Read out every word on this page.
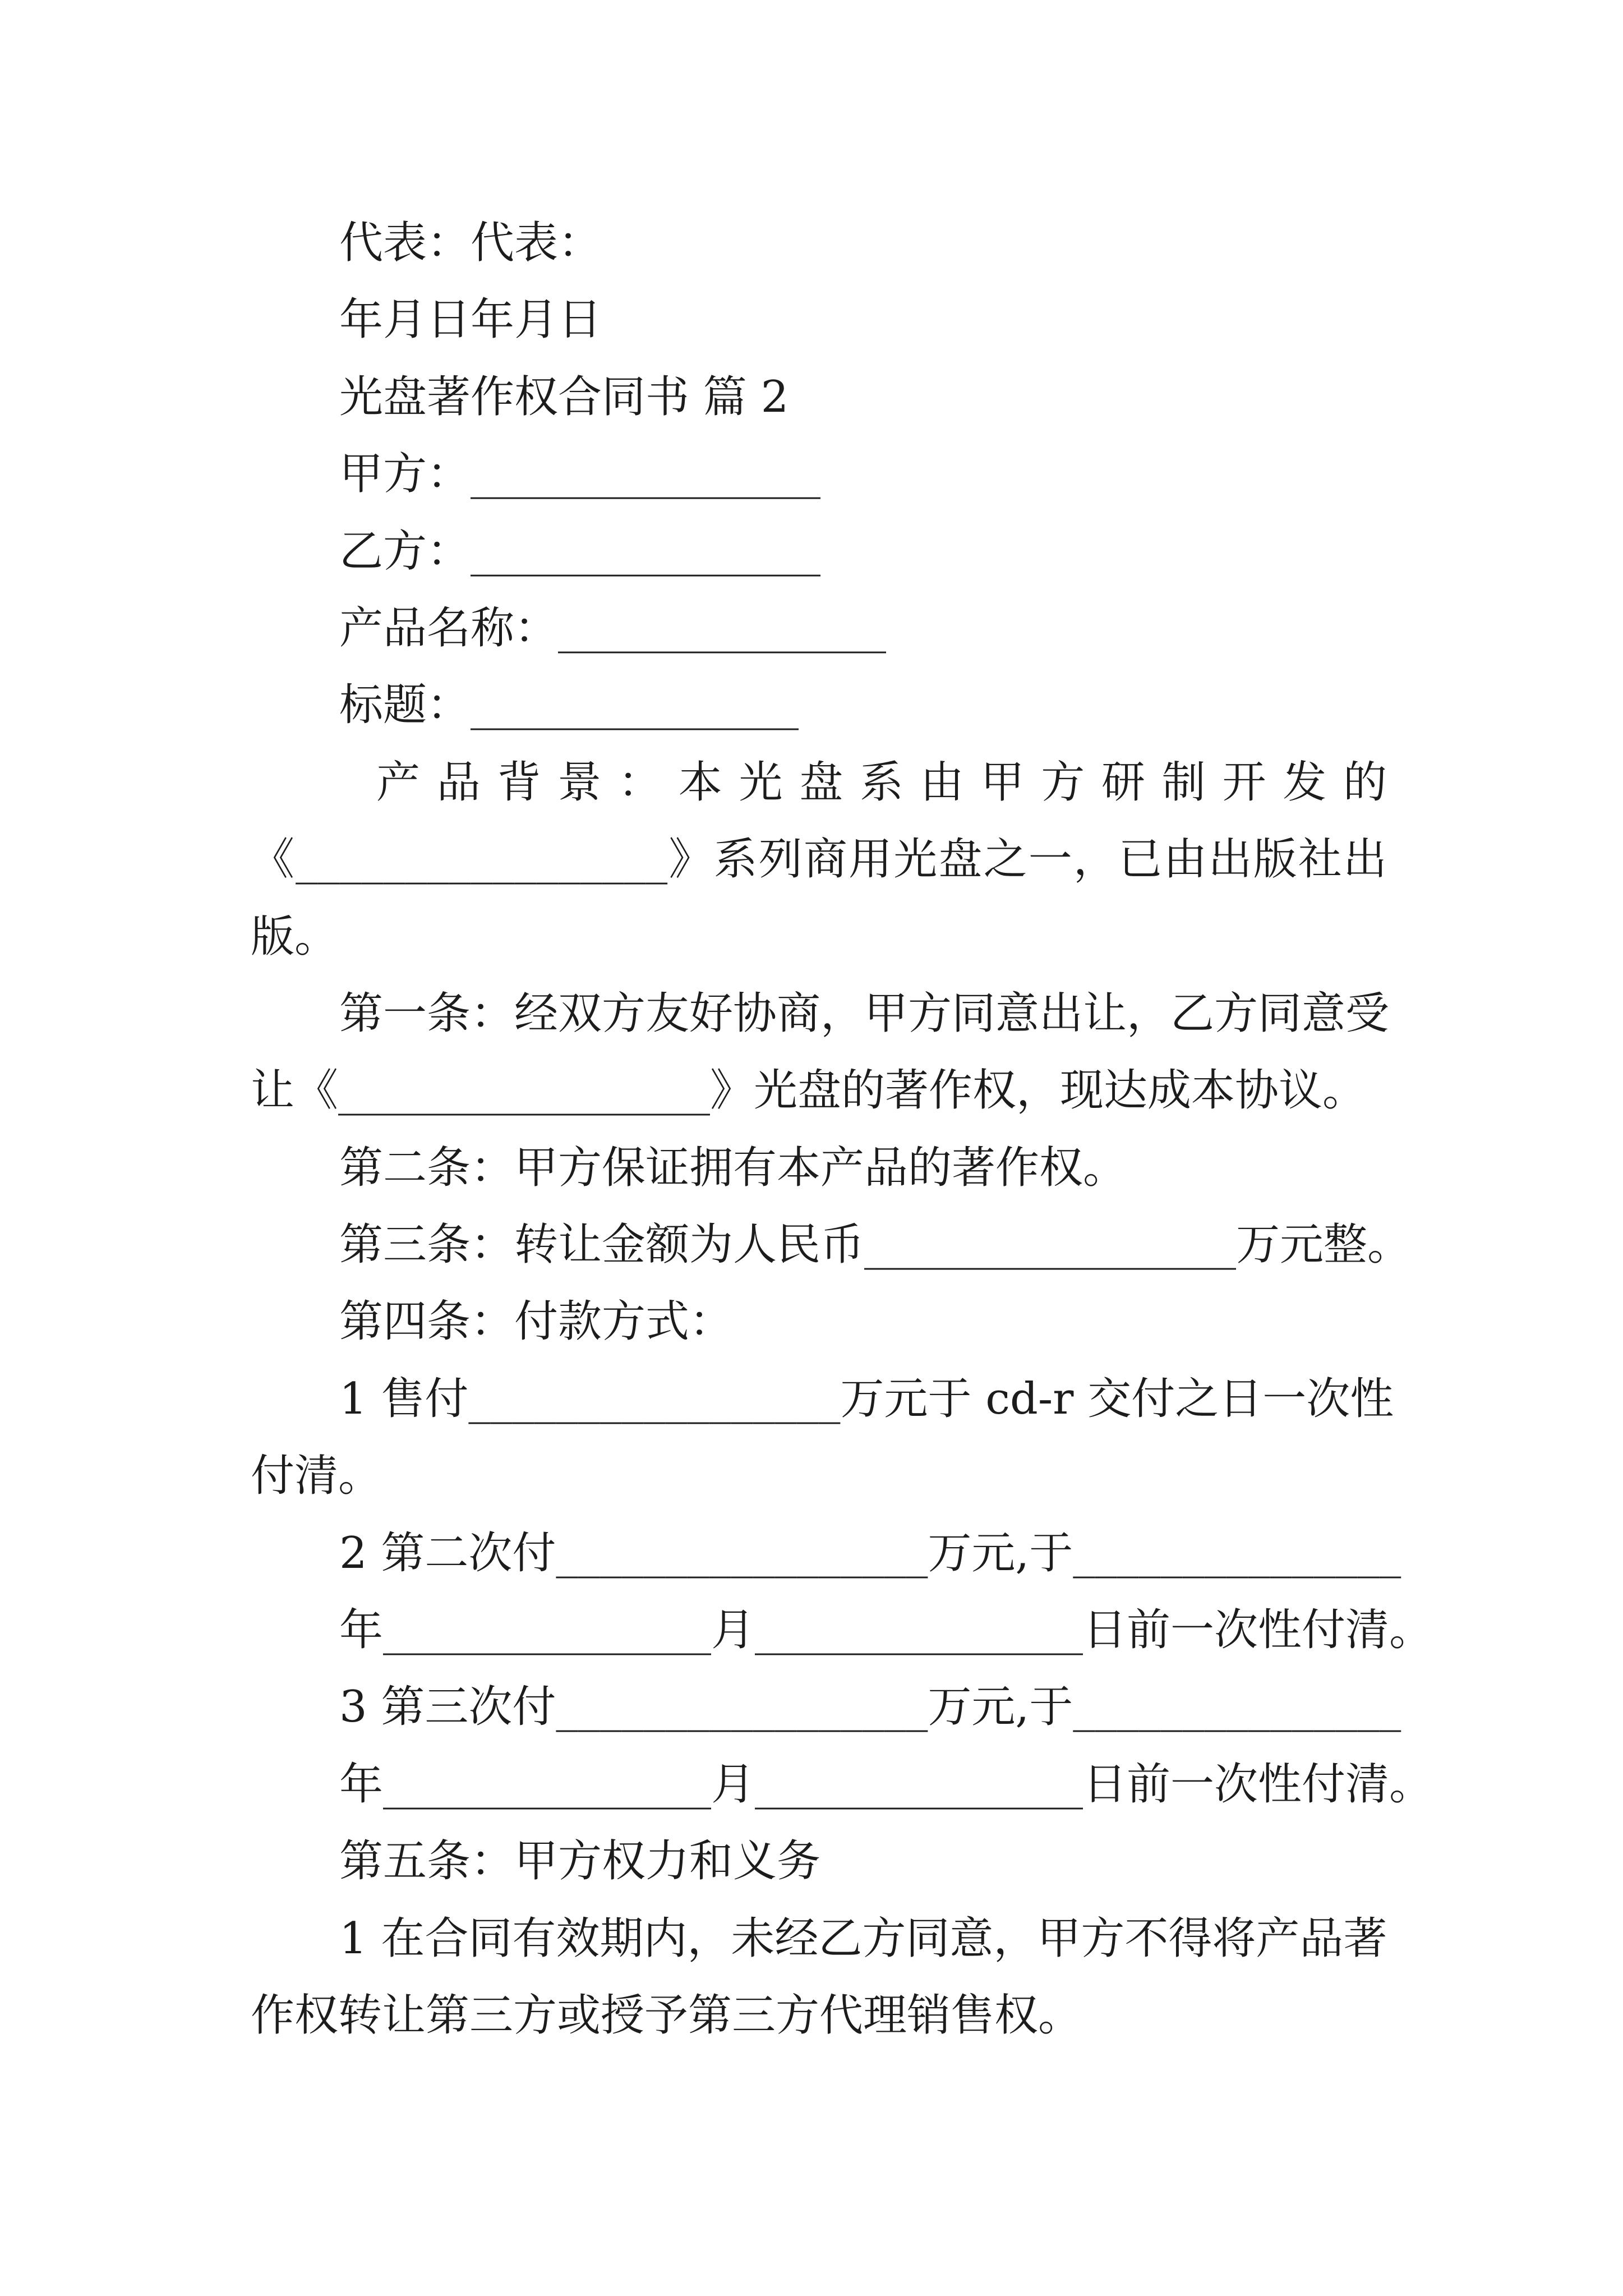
代表：代表：
年月日年月日
光盘著作权合同书 篇 2
甲方：________________
乙方：________________
产品名称：_______________
标题：_______________
产品背景：本光盘系由甲方研制开发的
《_________________》系列商用光盘之一，已由出版社出
版。
第一条：经双方友好协商，甲方同意出让，乙方同意受
让《_________________》光盘的著作权，现达成本协议。
第二条：甲方保证拥有本产品的著作权。
第三条：转让金额为人民币_________________万元整。
第四条：付款方式：
1 售付_________________万元于 cd-r 交付之日一次性
付清。
2 第二次付_________________万元,于_______________
年_______________月_______________日前一次性付清。
3 第三次付_________________万元,于_______________
年_______________月_______________日前一次性付清。
第五条：甲方权力和义务
1 在合同有效期内，未经乙方同意，甲方不得将产品著
作权转让第三方或授予第三方代理销售权。
